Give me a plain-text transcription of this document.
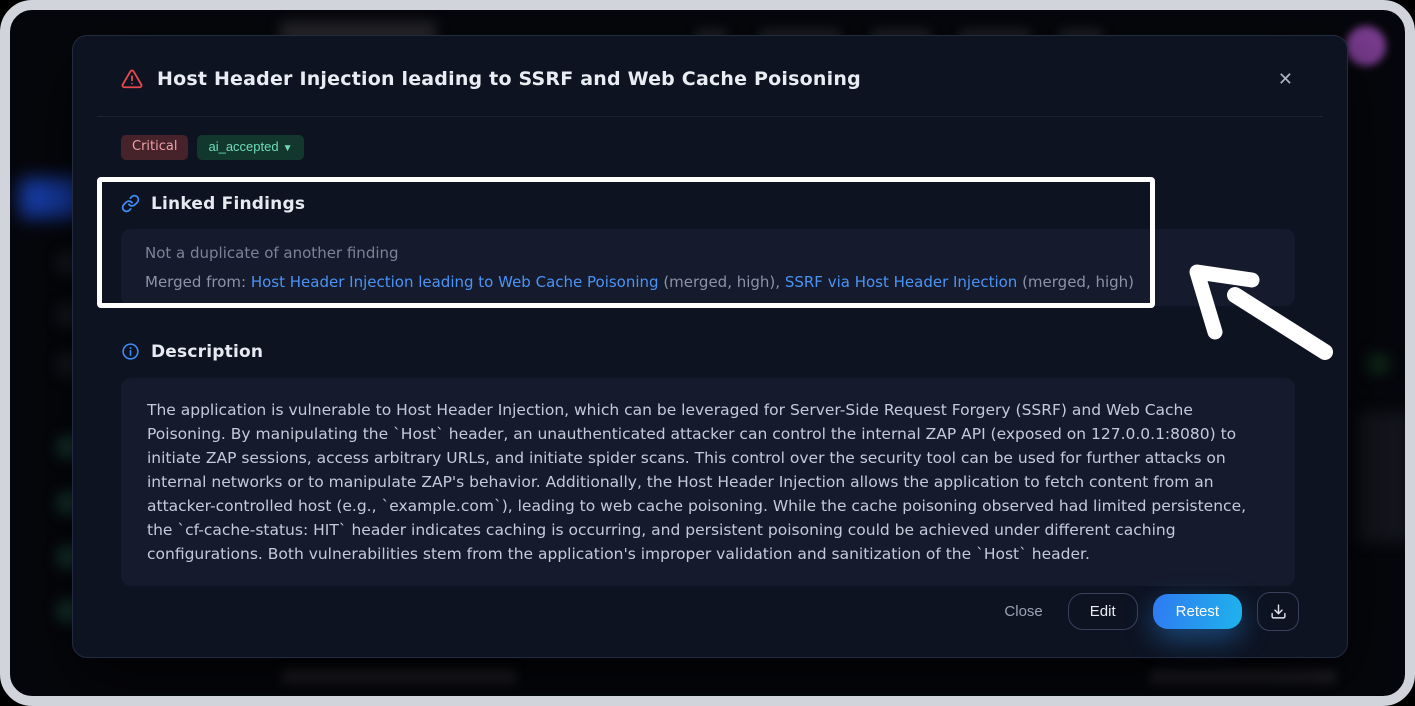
Host Header Injection leading to SSRF and Web Cache Poisoning	✕
Critical	ai_accepted ▼
Linked Findings
Not a duplicate of another finding
Merged from: Host Header Injection leading to Web Cache Poisoning (merged, high), SSRF via Host Header Injection (merged, high)
Description
The application is vulnerable to Host Header Injection, which can be leveraged for Server-Side Request Forgery (SSRF) and Web Cache Poisoning. By manipulating the `Host` header, an unauthenticated attacker can control the internal ZAP API (exposed on 127.0.0.1:8080) to initiate ZAP sessions, access arbitrary URLs, and initiate spider scans. This control over the security tool can be used for further attacks on internal networks or to manipulate ZAP's behavior. Additionally, the Host Header Injection allows the application to fetch content from an attacker-controlled host (e.g., `example.com`), leading to web cache poisoning. While the cache poisoning observed had limited persistence, the `cf-cache-status: HIT` header indicates caching is occurring, and persistent poisoning could be achieved under different caching configurations. Both vulnerabilities stem from the application's improper validation and sanitization of the `Host` header.
Close	Edit	Retest
